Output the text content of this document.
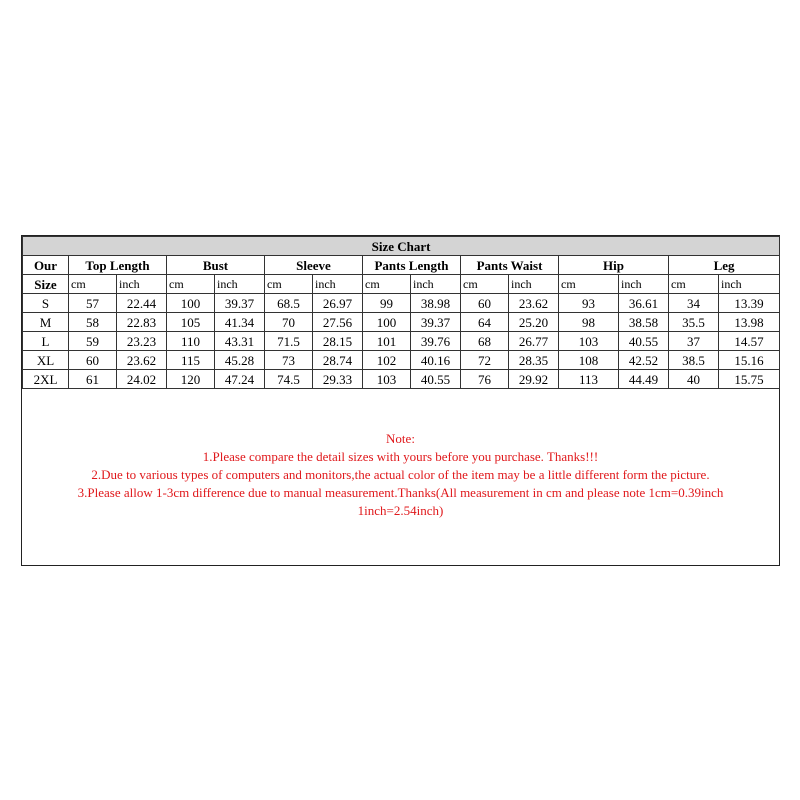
Size Chart														
Our	Top Length		Bust		Sleeve		Pants Length		Pants Waist		Hip		Leg	
Size	cm	inch	cm	inch	cm	inch	cm	inch	cm	inch	cm	inch	cm	inch
S	57	22.44	100	39.37	68.5	26.97	99	38.98	60	23.62	93	36.61	34	13.39
M	58	22.83	105	41.34	70	27.56	100	39.37	64	25.20	98	38.58	35.5	13.98
L	59	23.23	110	43.31	71.5	28.15	101	39.76	68	26.77	103	40.55	37	14.57
XL	60	23.62	115	45.28	73	28.74	102	40.16	72	28.35	108	42.52	38.5	15.16
2XL	61	24.02	120	47.24	74.5	29.33	103	40.55	76	29.92	113	44.49	40	15.75
Note:
1.Please compare the detail sizes with yours before you purchase. Thanks!!!
2.Due to various types of computers and monitors,the actual color of the item may be a little different form the picture.
3.Please allow 1-3cm difference due to manual measurement.Thanks(All measurement in cm and please note 1cm=0.39inch
1inch=2.54inch)
